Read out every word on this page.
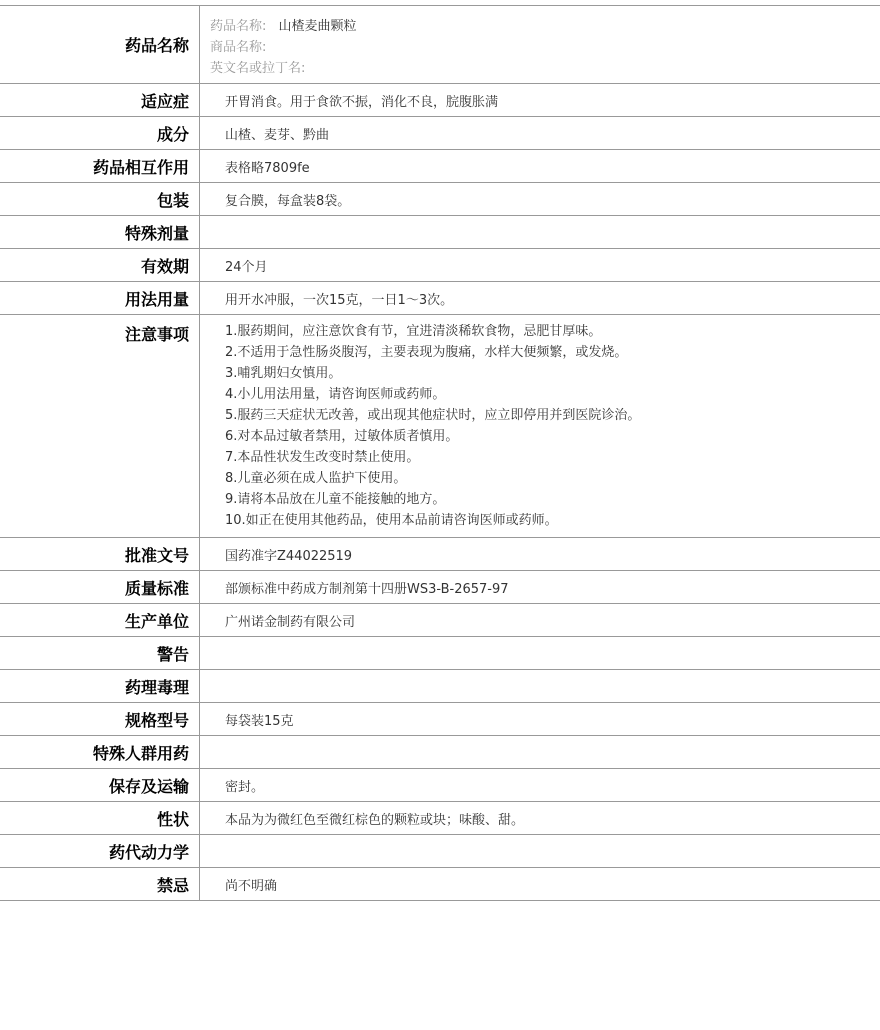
药品名称
药品名称: 山楂麦曲颗粒
商品名称:
英文名或拉丁名:
适应症	开胃消食。用于食欲不振，消化不良，脘腹胀满
成分	山楂、麦芽、黔曲
药品相互作用	表格略7809fe
包装	复合膜，每盒装8袋。
特殊剂量
有效期	24个月
用法用量	用开水冲服，一次15克，一日1～3次。
注意事项	1.服药期间，应注意饮食有节，宜进清淡稀软食物，忌肥甘厚味。
2.不适用于急性肠炎腹泻，主要表现为腹痛，水样大便频繁，或发烧。
3.哺乳期妇女慎用。
4.小儿用法用量，请咨询医师或药师。
5.服药三天症状无改善，或出现其他症状时，应立即停用并到医院诊治。
6.对本品过敏者禁用，过敏体质者慎用。
7.本品性状发生改变时禁止使用。
8.儿童必须在成人监护下使用。
9.请将本品放在儿童不能接触的地方。
10.如正在使用其他药品，使用本品前请咨询医师或药师。
批准文号	国药准字Z44022519
质量标准	部颁标准中药成方制剂第十四册WS3-B-2657-97
生产单位	广州诺金制药有限公司
警告
药理毒理
规格型号	每袋装15克
特殊人群用药
保存及运输	密封。
性状	本品为为微红色至微红棕色的颗粒或块；味酸、甜。
药代动力学
禁忌	尚不明确
